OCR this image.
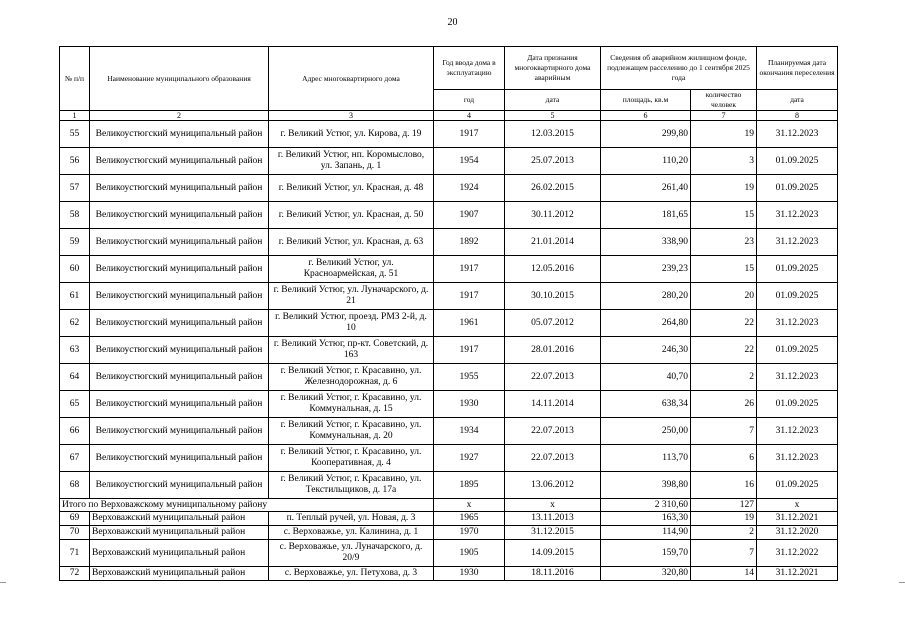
20
№ п/п	Наименование муниципального образования	Адрес многоквартирного дома	Год ввода дома в эксплуатацию	Дата признания многоквартирного дома аварийным	Сведения об аварийном жилищном фонде, подлежащем расселению до 1 сентября 2025 года		Планируемая дата окончания переселения
			год	дата	площадь, кв.м	количество человек	дата
1	2	3	4	5	6	7	8
55	Великоустюгский муниципальный район	г. Великий Устюг, ул. Кирова, д. 19	1917	12.03.2015	299,80	19	31.12.2023
56	Великоустюгский муниципальный район	г. Великий Устюг, нп. Коромыслово, ул. Запань, д. 1	1954	25.07.2013	110,20	3	01.09.2025
57	Великоустюгский муниципальный район	г. Великий Устюг, ул. Красная, д. 48	1924	26.02.2015	261,40	19	01.09.2025
58	Великоустюгский муниципальный район	г. Великий Устюг, ул. Красная, д. 50	1907	30.11.2012	181,65	15	31.12.2023
59	Великоустюгский муниципальный район	г. Великий Устюг, ул. Красная, д. 63	1892	21.01.2014	338,90	23	31.12.2023
60	Великоустюгский муниципальный район	г. Великий Устюг, ул. Красноармейская, д. 51	1917	12.05.2016	239,23	15	01.09.2025
61	Великоустюгский муниципальный район	г. Великий Устюг, ул. Луначарского, д. 21	1917	30.10.2015	280,20	20	01.09.2025
62	Великоустюгский муниципальный район	г. Великий Устюг, проезд. РМЗ 2-й, д. 10	1961	05.07.2012	264,80	22	31.12.2023
63	Великоустюгский муниципальный район	г. Великий Устюг, пр-кт. Советский, д. 163	1917	28.01.2016	246,30	22	01.09.2025
64	Великоустюгский муниципальный район	г. Великий Устюг, г. Красавино, ул. Железнодорожная, д. 6	1955	22.07.2013	40,70	2	31.12.2023
65	Великоустюгский муниципальный район	г. Великий Устюг, г. Красавино, ул. Коммунальная, д. 15	1930	14.11.2014	638,34	26	01.09.2025
66	Великоустюгский муниципальный район	г. Великий Устюг, г. Красавино, ул. Коммунальная, д. 20	1934	22.07.2013	250,00	7	31.12.2023
67	Великоустюгский муниципальный район	г. Великий Устюг, г. Красавино, ул. Кооперативная, д. 4	1927	22.07.2013	113,70	6	31.12.2023
68	Великоустюгский муниципальный район	г. Великий Устюг, г. Красавино, ул. Текстильщиков, д. 17а	1895	13.06.2012	398,80	16	01.09.2025
Итого по Верховажскому муниципальному району			x	x	2 310,60	127	x
69	Верховажский муниципальный район	п. Теплый ручей, ул. Новая, д. 3	1965	13.11.2013	163,30	19	31.12.2021
70	Верховажский муниципальный район	с. Верховажье, ул. Калинина, д. 1	1970	31.12.2015	114,90	2	31.12.2020
71	Верховажский муниципальный район	с. Верховажье, ул. Луначарского, д. 20/9	1905	14.09.2015	159,70	7	31.12.2022
72	Верховажский муниципальный район	с. Верховажье, ул. Петухова, д. 3	1930	18.11.2016	320,80	14	31.12.2021
